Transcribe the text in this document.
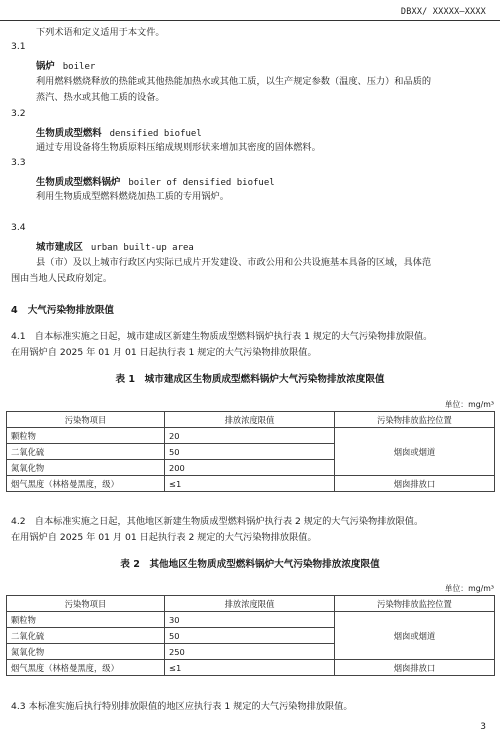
DBXX/ XXXXX—XXXX
下列术语和定义适用于本文件。
3.1
锅炉 boiler
利用燃料燃烧释放的热能或其他热能加热水或其他工质，以生产规定参数（温度、压力）和品质的
蒸汽、热水或其他工质的设备。
3.2
生物质成型燃料 densified biofuel
通过专用设备将生物质原料压缩成规则形状来增加其密度的固体燃料。
3.3
生物质成型燃料锅炉 boiler of densified biofuel
利用生物质成型燃料燃烧加热工质的专用锅炉。
3.4
城市建成区 urban built-up area
县（市）及以上城市行政区内实际已成片开发建设、市政公用和公共设施基本具备的区域，具体范
围由当地人民政府划定。
4 大气污染物排放限值
4.1　自本标准实施之日起，城市建成区新建生物质成型燃料锅炉执行表 1 规定的大气污染物排放限值。
在用锅炉自 2025 年 01 月 01 日起执行表 1 规定的大气污染物排放限值。
表 1　城市建成区生物质成型燃料锅炉大气污染物排放浓度限值
单位：mg/m³
污染物项目	排放浓度限值	污染物排放监控位置
颗粒物	20	烟囱或烟道
二氧化硫	50	
氮氧化物	200	
烟气黑度（林格曼黑度，级）	≤1	烟囱排放口
4.2　自本标准实施之日起，其他地区新建生物质成型燃料锅炉执行表 2 规定的大气污染物排放限值。
在用锅炉自 2025 年 01 月 01 日起执行表 2 规定的大气污染物排放限值。
表 2　其他地区生物质成型燃料锅炉大气污染物排放浓度限值
单位：mg/m³
污染物项目	排放浓度限值	污染物排放监控位置
颗粒物	30	烟囱或烟道
二氧化硫	50	
氮氧化物	250	
烟气黑度（林格曼黑度，级）	≤1	烟囱排放口
4.3 本标准实施后执行特别排放限值的地区应执行表 1 规定的大气污染物排放限值。
3
